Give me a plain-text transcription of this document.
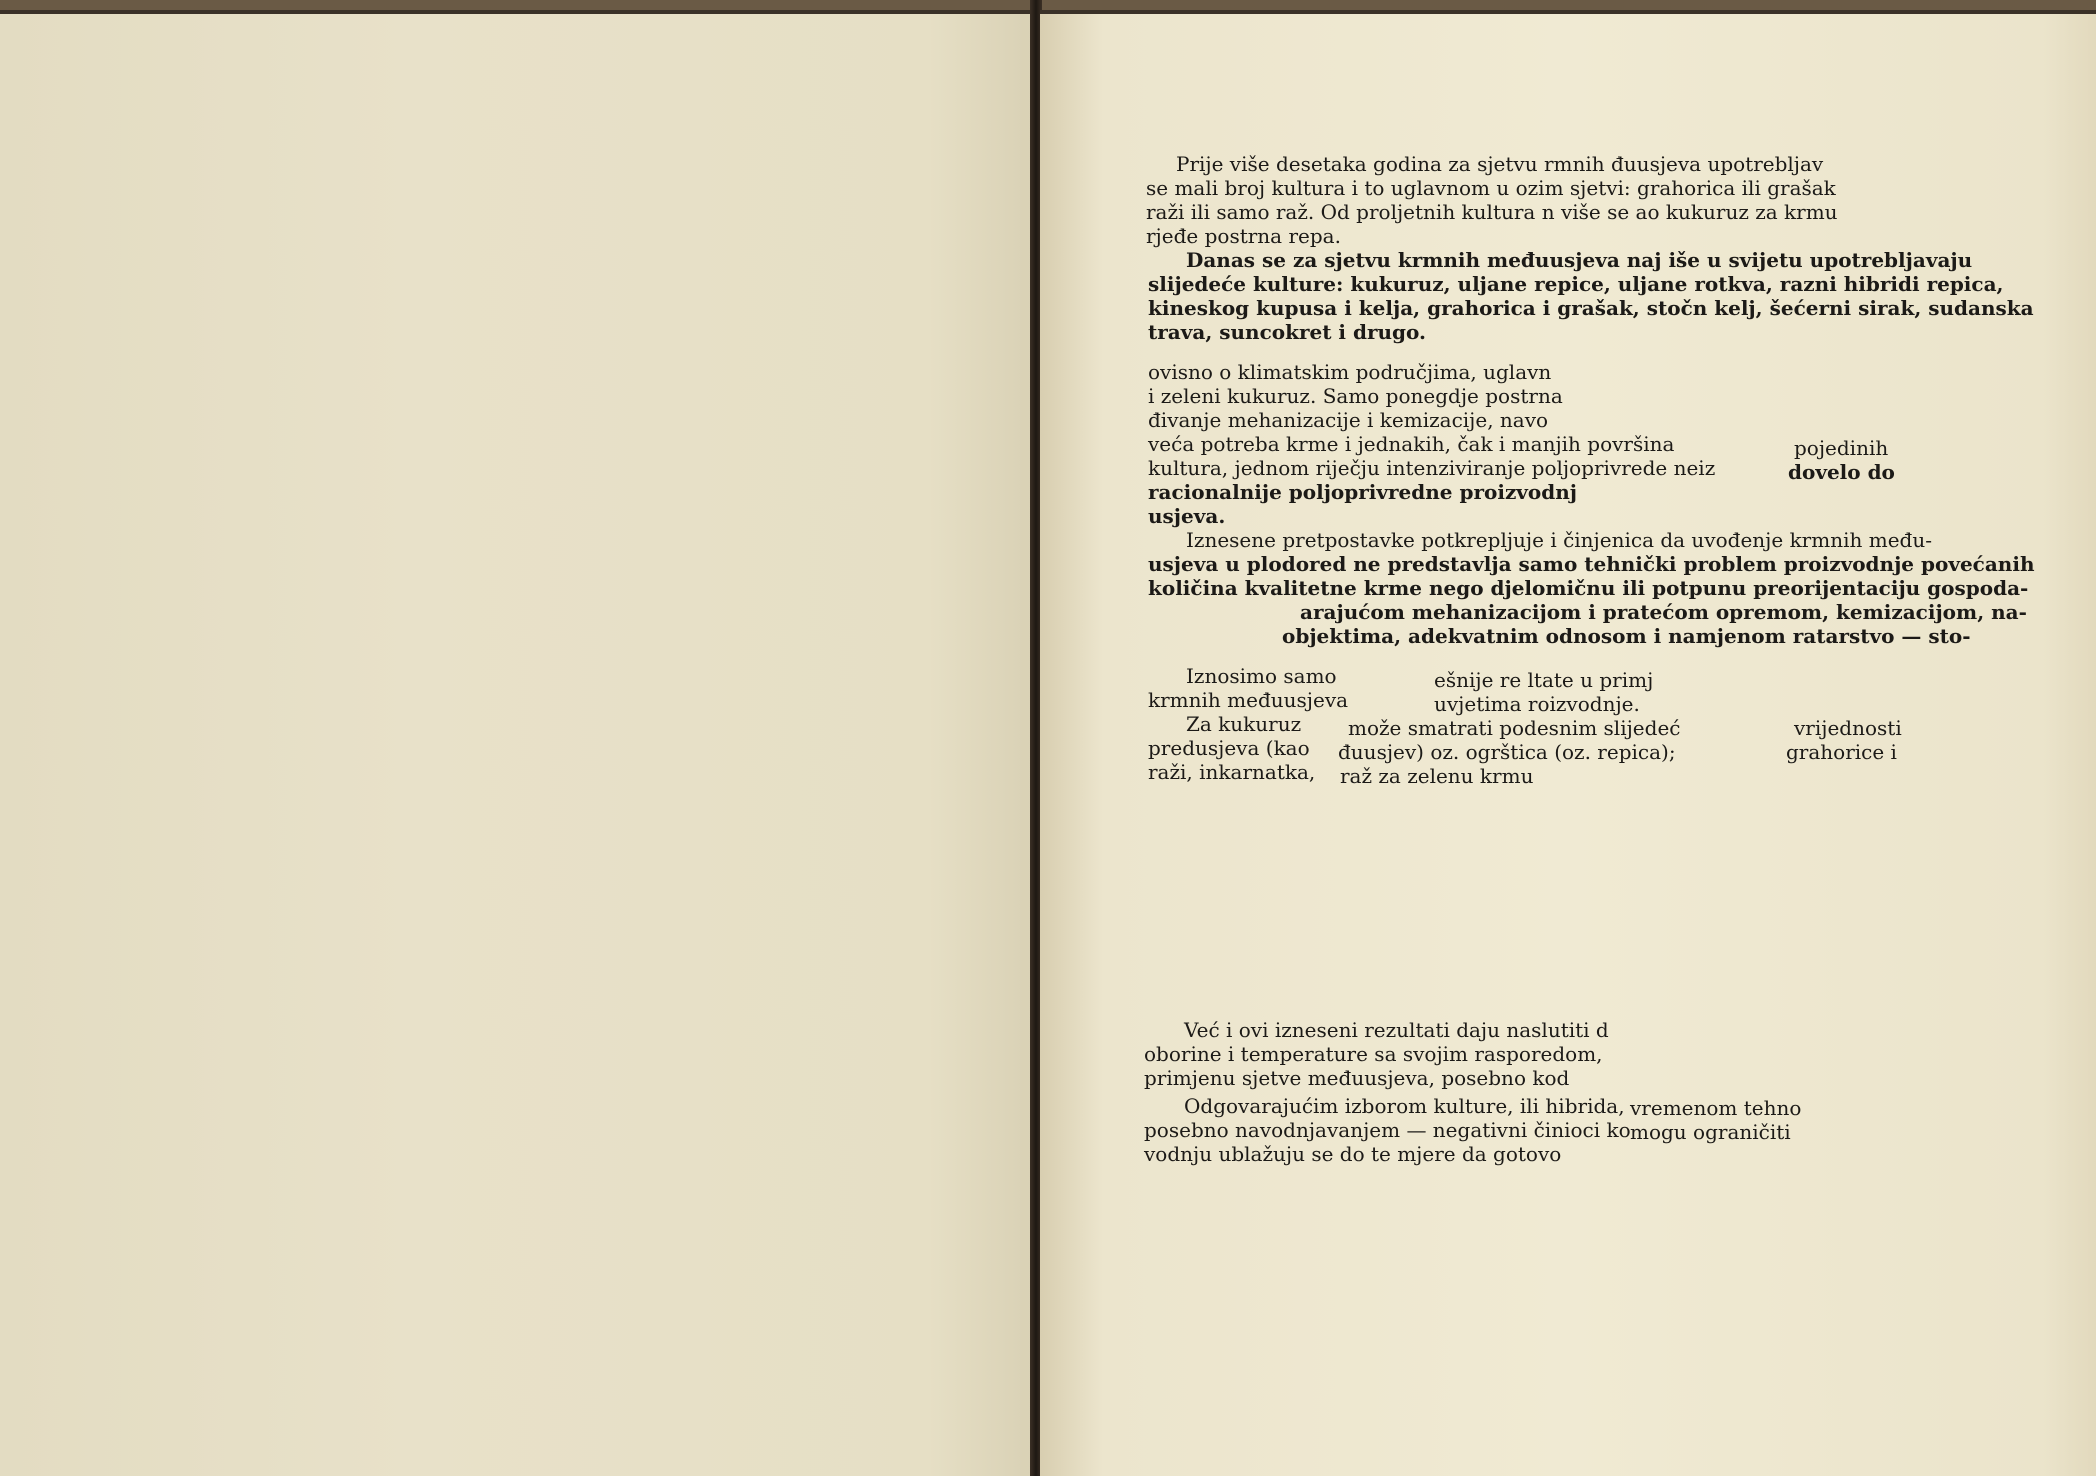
Prije više desetaka godina za sjetvu rmnih đuusjeva upotrebljav
se mali broj kultura i to uglavnom u ozim sjetvi: grahorica ili grašak
raži ili samo raž. Od proljetnih kultura n više se ao kukuruz za krmu
rjeđe postrna repa.
Danas se za sjetvu krmnih međuusjeva naj iše u svijetu upotrebljavaju
slijedeće kulture: kukuruz, uljane repice, uljane rotkva, razni hibridi repica,
kineskog kupusa i kelja, grahorica i grašak, stočn kelj, šećerni sirak, sudanska
trava, suncokret i drugo.
ovisno o klimatskim područjima, uglavn
i zeleni kukuruz. Samo ponegdje postrna
đivanje mehanizacije i kemizacije, navo
veća potreba krme i jednakih, čak i manjih površina	pojedinih
kultura, jednom riječju intenziviranje poljoprivrede neiz	dovelo do
racionalnije poljoprivredne proizvodnj
usjeva.
Iznesene pretpostavke potkrepljuje i činjenica da uvođenje krmnih među-
usjeva u plodored ne predstavlja samo tehnički problem proizvodnje povećanih
količina kvalitetne krme nego djelomičnu ili potpunu preorijentaciju gospoda-
arajućom mehanizacijom i pratećom opremom, kemizacijom, na-
objektima, adekvatnim odnosom i namjenom ratarstvo — sto-
Iznosimo samo	ešnije re ltate u primj
krmnih međuusjeva	uvjetima roizvodnje.
Za kukuruz može smatrati podesnim slijedeć	vrijednosti
predusjeva (kao đuusjev) oz. ogrštica (oz. repica);	grahorice i
raži, inkarnatka, raž za zelenu krmu
Već i ovi izneseni rezultati daju naslutiti d
oborine i temperature sa svojim rasporedom,
primjenu sjetve međuusjeva, posebno kod
Odgovarajućim izborom kulture, ili hibrida, vremenom tehno
posebno navodnjavanjem — negativni činioci ko mogu ograničiti
vodnju ublažuju se do te mjere da gotovo
